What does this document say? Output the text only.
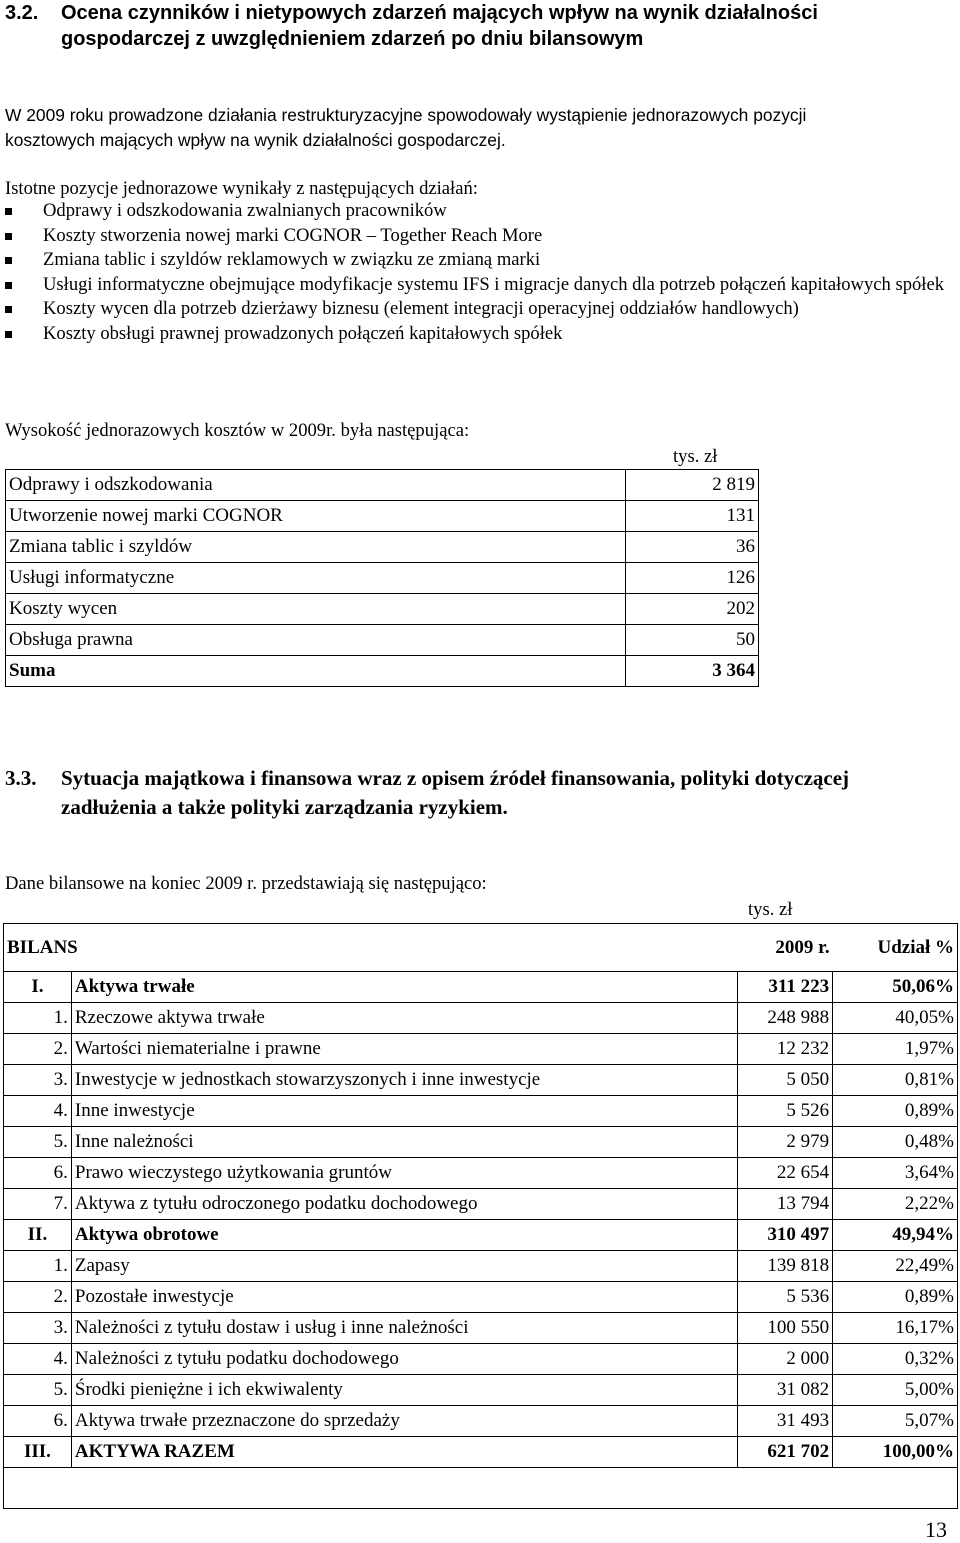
3.2. Ocena czynników i nietypowych zdarzeń mających wpływ na wynik działalności
gospodarczej z uwzględnieniem zdarzeń po dniu bilansowym
W 2009 roku prowadzone działania restrukturyzacyjne spowodowały wystąpienie jednorazowych pozycji
kosztowych mających wpływ na wynik działalności gospodarczej.
Istotne pozycje jednorazowe wynikały z następujących działań:
Odprawy i odszkodowania zwalnianych pracowników
Koszty stworzenia nowej marki COGNOR – Together Reach More
Zmiana tablic i szyldów reklamowych w związku ze zmianą marki
Usługi informatyczne obejmujące modyfikacje systemu IFS i migracje danych dla potrzeb połączeń kapitałowych spółek
Koszty wycen dla potrzeb dzierżawy biznesu (element integracji operacyjnej oddziałów handlowych)
Koszty obsługi prawnej prowadzonych połączeń kapitałowych spółek
Wysokość jednorazowych kosztów w 2009r. była następująca:
tys. zł
Odprawy i odszkodowania	2 819
Utworzenie nowej marki COGNOR	131
Zmiana tablic i szyldów	36
Usługi informatyczne	126
Koszty wycen	202
Obsługa prawna	50
Suma	3 364
3.3. Sytuacja majątkowa i finansowa wraz z opisem źródeł finansowania, polityki dotyczącej
zadłużenia a także polityki zarządzania ryzykiem.
Dane bilansowe na koniec 2009 r. przedstawiają się następująco:
tys. zł
BILANS		2009 r.	Udział %
I.	Aktywa trwałe	311 223	50,06%
1.	Rzeczowe aktywa trwałe	248 988	40,05%
2.	Wartości niematerialne i prawne	12 232	1,97%
3.	Inwestycje w jednostkach stowarzyszonych i inne inwestycje	5 050	0,81%
4.	Inne inwestycje	5 526	0,89%
5.	Inne należności	2 979	0,48%
6.	Prawo wieczystego użytkowania gruntów	22 654	3,64%
7.	Aktywa z tytułu odroczonego podatku dochodowego	13 794	2,22%
II.	Aktywa obrotowe	310 497	49,94%
1.	Zapasy	139 818	22,49%
2.	Pozostałe inwestycje	5 536	0,89%
3.	Należności z tytułu dostaw i usług i inne należności	100 550	16,17%
4.	Należności z tytułu podatku dochodowego	2 000	0,32%
5.	Środki pieniężne i ich ekwiwalenty	31 082	5,00%
6.	Aktywa trwałe przeznaczone do sprzedaży	31 493	5,07%
III.	AKTYWA RAZEM	621 702	100,00%

13
